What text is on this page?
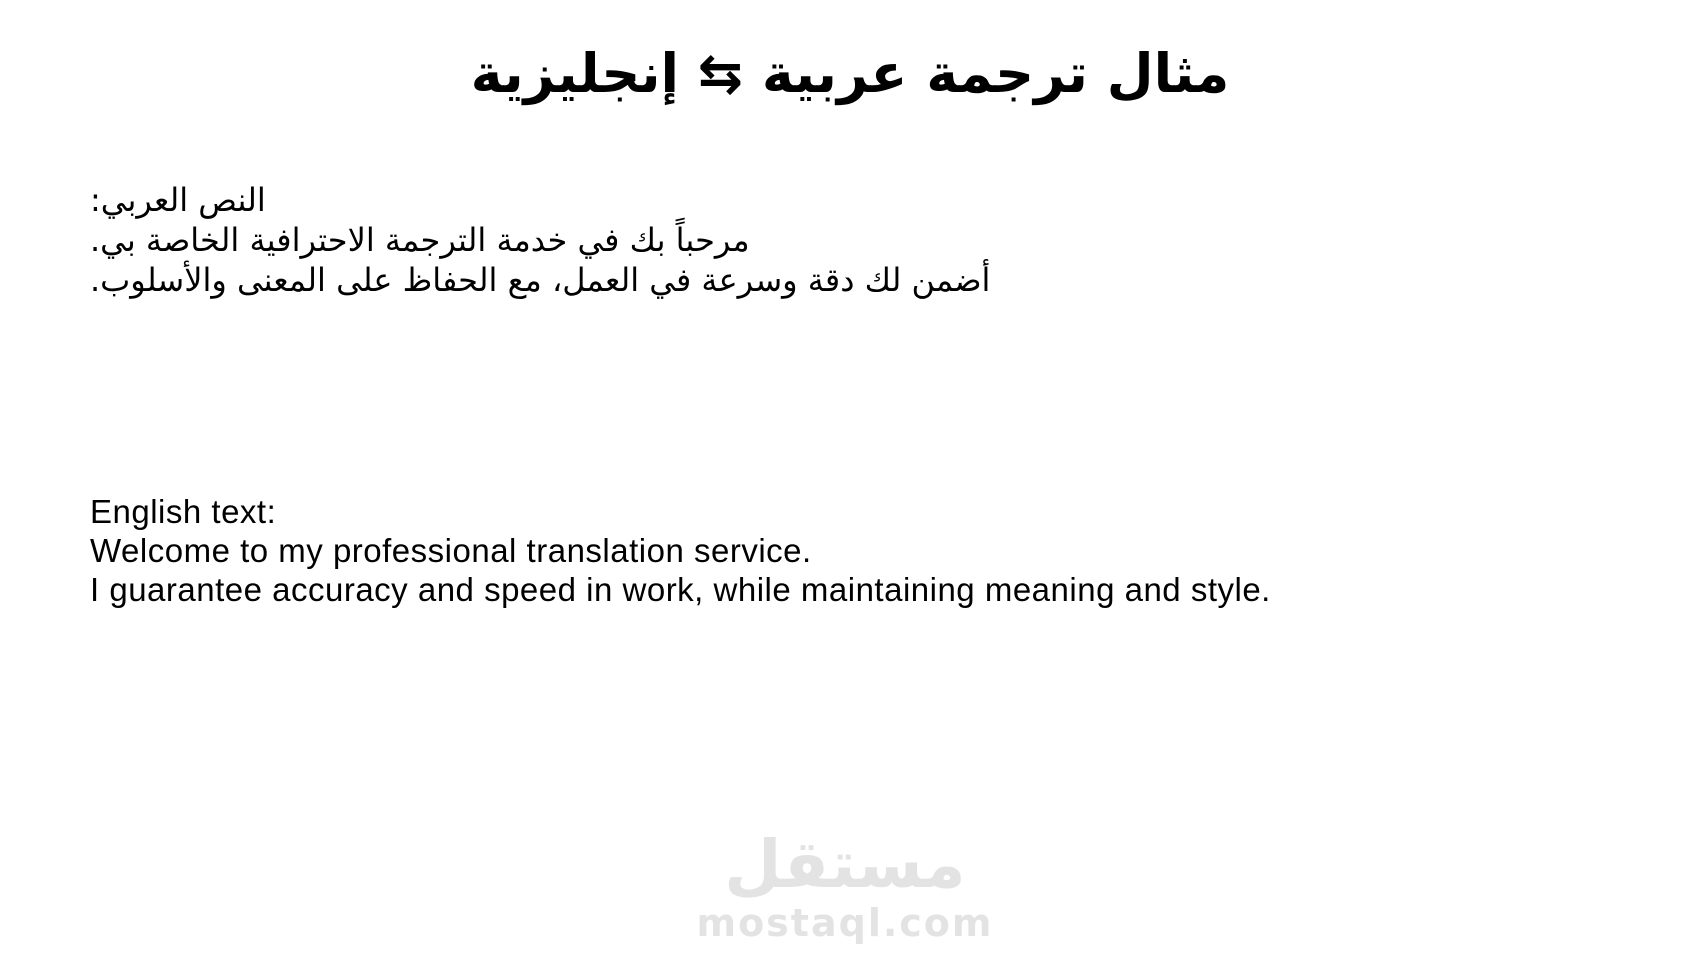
مثال ترجمة عربية ⇆ إنجليزية
النص العربي:
مرحباً بك في خدمة الترجمة الاحترافية الخاصة بي.
أضمن لك دقة وسرعة في العمل، مع الحفاظ على المعنى والأسلوب.
English text:
Welcome to my professional translation service.
I guarantee accuracy and speed in work, while maintaining meaning and style.
مستقل
mostaql.com
